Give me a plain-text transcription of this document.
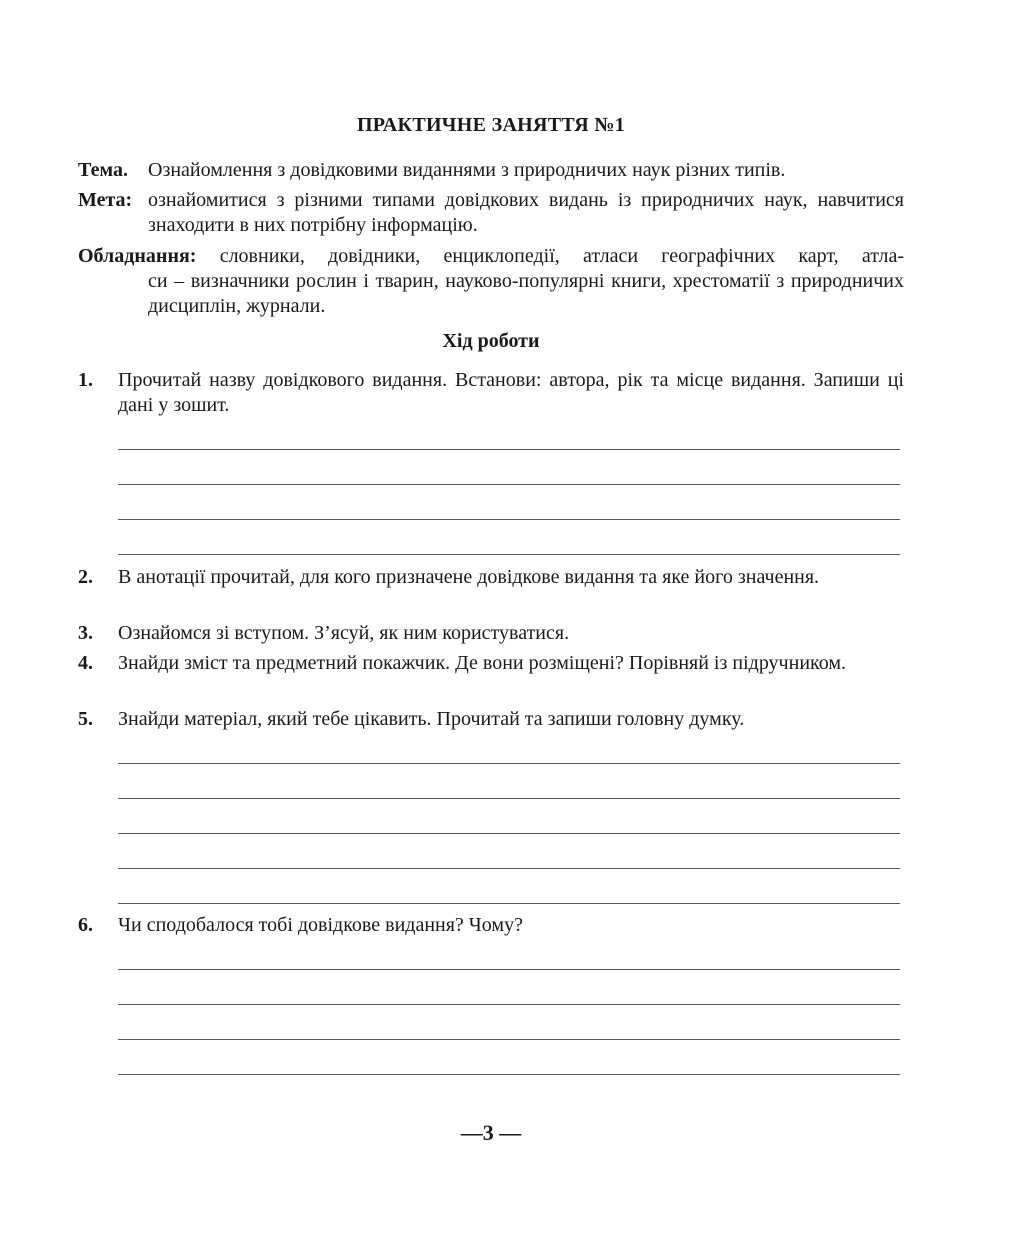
ПРАКТИЧНЕ ЗАНЯТТЯ №1
Тема.	Ознайомлення з довідковими виданнями з природничих наук різних типів.
Мета: ознайомитися з різними типами довідкових видань із природничих наук, навчитися знаходити в них потрібну інформацію.
Обладнання: словники, довідники, енциклопедії, атласи географічних карт, атла-
си – визначники рослин і тварин, науково-популярні книги, хрестоматії з природничих дисциплін, журнали.
Хід роботи
1. Прочитай назву довідкового видання. Встанови: автора, рік та місце видання. Запиши ці дані у зошит.
2. В анотації прочитай, для кого призначене довідкове видання та яке його значення.
3. Ознайомся зі вступом. З’ясуй, як ним користуватися.
4. Знайди зміст та предметний покажчик. Де вони розміщені? Порівняй із підручником.
5. Знайди матеріал, який тебе цікавить. Прочитай та запиши головну думку.
6. Чи сподобалося тобі довідкове видання? Чому?
—3 —
